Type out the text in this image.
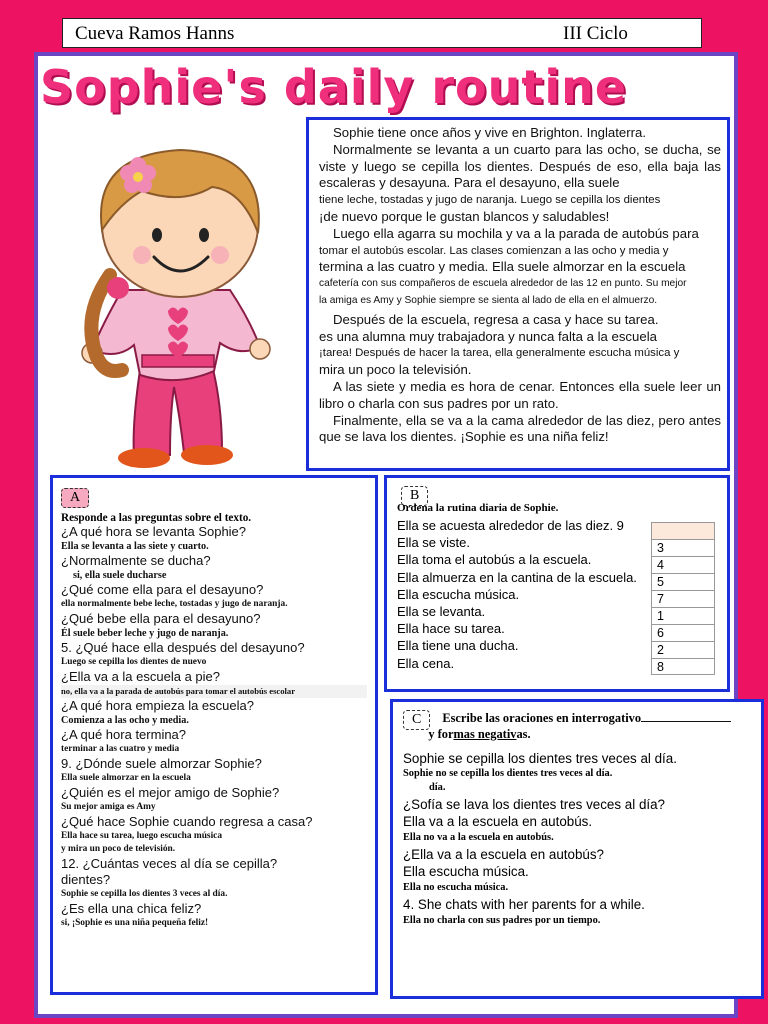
Cueva Ramos Hanns	III Ciclo
Sophie's daily routine

Sophie tiene once años y vive en Brighton. Inglaterra.

Normalmente se levanta a un cuarto para las ocho, se ducha, se viste y luego se cepilla los dientes. Después de eso, ella baja las escaleras y desayuna. Para el desayuno, ella suele

tiene leche, tostadas y jugo de naranja. Luego se cepilla los dientes

¡de nuevo porque le gustan blancos y saludables!

Luego ella agarra su mochila y va a la parada de autobús para

tomar el autobús escolar. Las clases comienzan a las ocho y media y

termina a las cuatro y media. Ella suele almorzar en la escuela

cafetería con sus compañeros de escuela alrededor de las 12 en punto. Su mejor

la amiga es Amy y Sophie siempre se sienta al lado de ella en el almuerzo.

Después de la escuela, regresa a casa y hace su tarea.

es una alumna muy trabajadora y nunca falta a la escuela

¡tarea! Después de hacer la tarea, ella generalmente escucha música y

mira un poco la televisión.

A las siete y media es hora de cenar. Entonces ella suele leer un libro o charla con sus padres por un rato.

Finalmente, ella se va a la cama alrededor de las diez, pero antes que se lava los dientes. ¡Sophie es una niña feliz!

A
Responde a las preguntas sobre el texto.
¿A qué hora se levanta Sophie?
Ella se levanta a las siete y cuarto.
¿Normalmente se ducha?
si, ella suele ducharse
¿Qué come ella para el desayuno?
ella normalmente bebe leche, tostadas y jugo de naranja.
¿Qué bebe ella para el desayuno?
Él suele beber leche y jugo de naranja.
5. ¿Qué hace ella después del desayuno?
Luego se cepilla los dientes de nuevo
¿Ella va a la escuela a pie?
no, ella va a la parada de autobús para tomar el autobús escolar
¿A qué hora empieza la escuela?
Comienza a las ocho y media.
¿A qué hora termina?
terminar a las cuatro y media
9. ¿Dónde suele almorzar Sophie?
Ella suele almorzar en la escuela
¿Quién es el mejor amigo de Sophie?
Su mejor amiga es Amy
¿Qué hace Sophie cuando regresa a casa?
Ella hace su tarea, luego escucha música
y mira un poco de televisión.
12. ¿Cuántas veces al día se cepilla?
dientes?
Sophie se cepilla los dientes 3 veces al día.
¿Es ella una chica feliz?
si, ¡Sophie es una niña pequeña feliz!
B
Ordena la rutina diaria de Sophie.
Ella se acuesta alrededor de las diez. 9
Ella se viste.
Ella toma el autobús a la escuela.
Ella almuerza en la cantina de la escuela.
Ella escucha música.
Ella se levanta.
Ella hace su tarea.
Ella tiene una ducha.
Ella cena.
3
4
5
7
1
6
2
8
C	Escribe las oraciones en interrogativo
y formas negativas.
Sophie se cepilla los dientes tres veces al día.
Sophie no se cepilla los dientes tres veces al día.
día.
¿Sofía se lava los dientes tres veces al día?
Ella va a la escuela en autobús.
Ella no va a la escuela en autobús.
¿Ella va a la escuela en autobús?
Ella escucha música.
Ella no escucha música.
4. She chats with her parents for a while.
Ella no charla con sus padres por un tiempo.
